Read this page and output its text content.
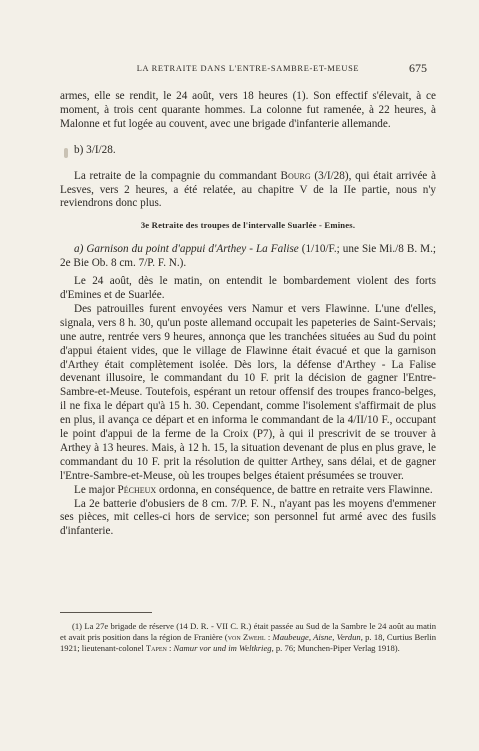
LA RETRAITE DANS L'ENTRE-SAMBRE-ET-MEUSE	675

armes, elle se rendit, le 24 août, vers 18 heures (1). Son effectif s'élevait, à ce moment, à trois cent quarante hommes. La colonne fut ramenée, à 22 heures, à Malonne et fut logée au couvent, avec une brigade d'infanterie allemande.

b) 3/I/28.

La retraite de la compagnie du commandant Bourg (3/I/28), qui était arrivée à Lesves, vers 2 heures, a été relatée, au chapitre V de la IIe partie, nous n'y reviendrons donc plus.

3e Retraite des troupes de l'intervalle Suarlée - Emines.

a) Garnison du point d'appui d'Arthey - La Falise (1/10/F.; une Sie Mi./8 B. M.; 2e Bie Ob. 8 cm. 7/P. F. N.).

Le 24 août, dès le matin, on entendit le bombardement violent des forts d'Emines et de Suarlée.

Des patrouilles furent envoyées vers Namur et vers Flawinne. L'une d'elles, signala, vers 8 h. 30, qu'un poste allemand occupait les papeteries de Saint-Servais; une autre, rentrée vers 9 heures, annonça que les tranchées situées au Sud du point d'appui étaient vides, que le village de Flawinne était évacué et que la garnison d'Arthey était complètement isolée. Dès lors, la défense d'Arthey - La Falise devenant illusoire, le commandant du 10 F. prit la décision de gagner l'Entre-Sambre-et-Meuse. Toutefois, espérant un retour offensif des troupes franco-belges, il ne fixa le départ qu'à 15 h. 30. Cependant, comme l'isolement s'affirmait de plus en plus, il avança ce départ et en informa le commandant de la 4/II/10 F., occupant le point d'appui de la ferme de la Croix (P7), à qui il prescrivit de se trouver à Arthey à 13 heures. Mais, à 12 h. 15, la situation devenant de plus en plus grave, le commandant du 10 F. prit la résolution de quitter Arthey, sans délai, et de gagner l'Entre-Sambre-et-Meuse, où les troupes belges étaient présumées se trouver.

Le major Pécheux ordonna, en conséquence, de battre en retraite vers Flawinne.

La 2e batterie d'obusiers de 8 cm. 7/P. F. N., n'ayant pas les moyens d'emmener ses pièces, mit celles-ci hors de service; son personnel fut armé avec des fusils d'infanterie.

(1) La 27e brigade de réserve (14 D. R. - VII C. R.) était passée au Sud de la Sambre le 24 août au matin et avait pris position dans la région de Franière (von Zwehl : Maubeuge, Aisne, Verdun, p. 18, Curtius Berlin 1921; lieutenant-colonel Tapen : Namur vor und im Weltkrieg, p. 76; Munchen-Piper Verlag 1918).
